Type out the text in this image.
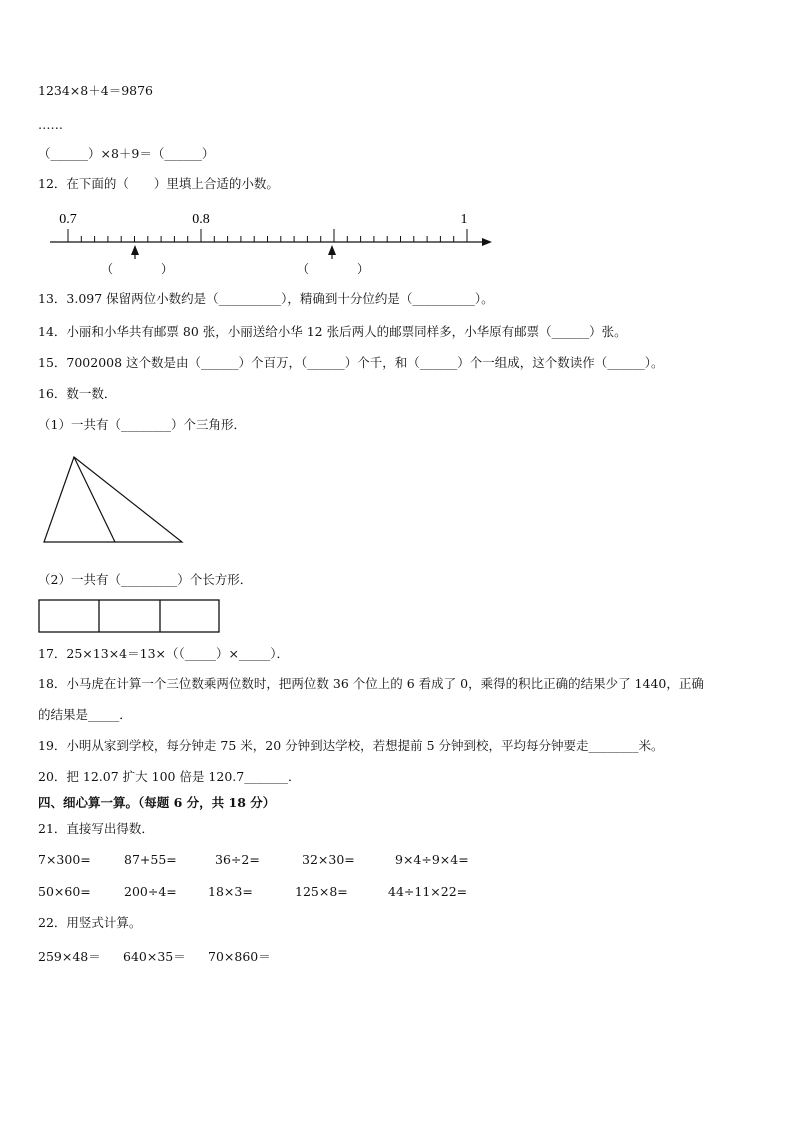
1234×8＋4＝9876
……
（______）×8＋9＝（______）
12．在下面的（　　）里填上合适的小数。
0.7	0.8	1
（　　　　）	（　　　　）
13．3.097 保留两位小数约是（__________），精确到十分位约是（__________）。
14．小丽和小华共有邮票 80 张，小丽送给小华 12 张后两人的邮票同样多，小华原有邮票（______）张。
15．7002008 这个数是由（______）个百万，（______）个千，和（______）个一组成，这个数读作（______）。
16．数一数．
（1）一共有（________）个三角形．
（2）一共有（_________）个长方形．
17．25×13×4＝13×（（_____）×_____）．
18．小马虎在计算一个三位数乘两位数时，把两位数 36 个位上的 6 看成了 0，乘得的积比正确的结果少了 1440，正确
的结果是_____．
19．小明从家到学校，每分钟走 75 米，20 分钟到达学校，若想提前 5 分钟到校，平均每分钟要走________米。
20．把 12.07 扩大 100 倍是 120.7_______．
四、细心算一算。（每题 6 分，共 18 分）
21．直接写出得数．
7×300=	87+55=	36÷2=	32×30=	9×4÷9×4=
50×60=	200÷4= 18×3=	125×8=	44÷11×22=
22．用竖式计算。
259×48＝ 640×35＝ 70×860＝
